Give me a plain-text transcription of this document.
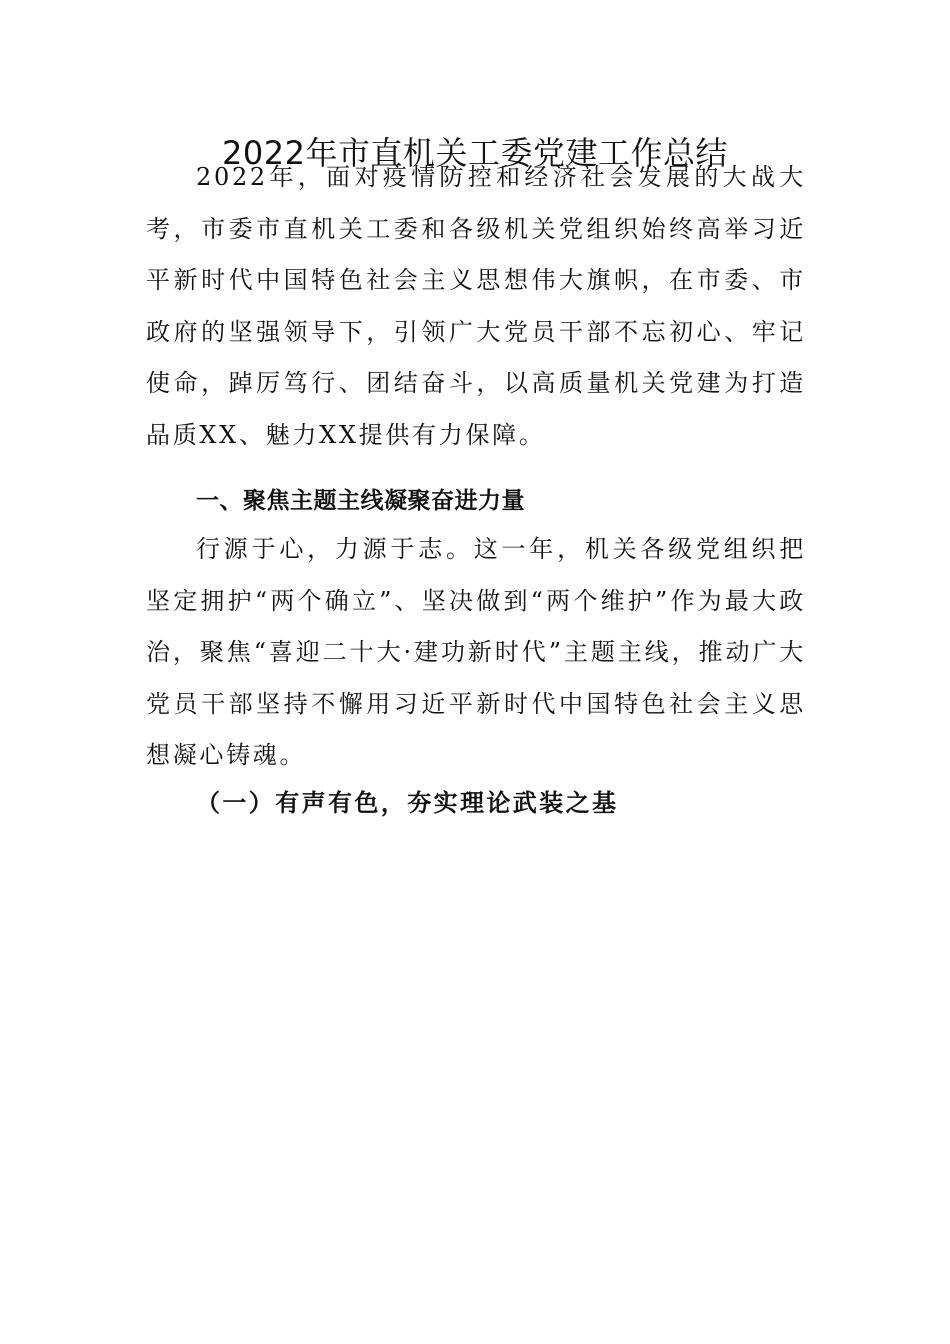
2022年市直机关工委党建工作总结

2022年，面对疫情防控和经济社会发展的大战大考，市委市直机关工委和各级机关党组织始终高举习近平新时代中国特色社会主义思想伟大旗帜，在市委、市政府的坚强领导下，引领广大党员干部不忘初心、牢记使命，踔厉笃行、团结奋斗，以高质量机关党建为打造品质XX、魅力XX提供有力保障。

一、聚焦主题主线凝聚奋进力量

行源于心，力源于志。这一年，机关各级党组织把坚定拥护“两个确立”、坚决做到“两个维护”作为最大政治，聚焦“喜迎二十大·建功新时代”主题主线，推动广大党员干部坚持不懈用习近平新时代中国特色社会主义思想凝心铸魂。

（一）有声有色，夯实理论武装之基
